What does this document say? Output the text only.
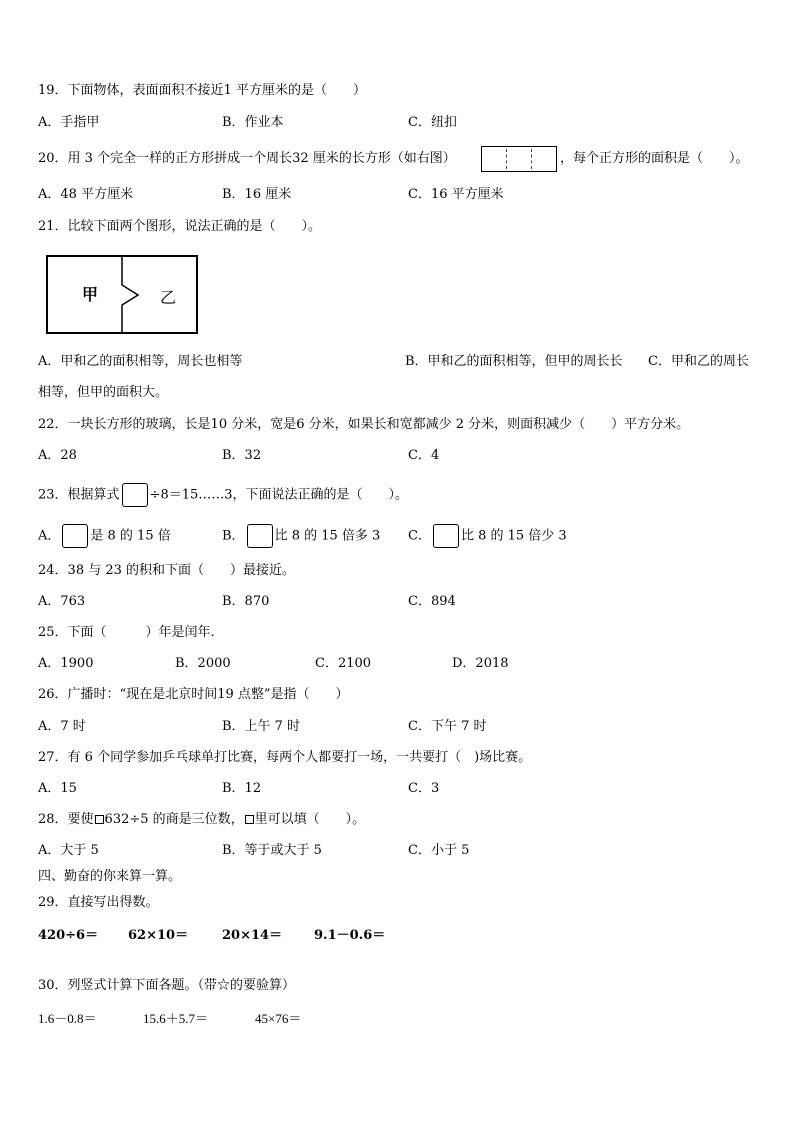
19．下面物体，表面面积不接近1 平方厘米的是（　　）
A．手指甲	B．作业本	C．纽扣
20．用 3 个完全一样的正方形拼成一个周长32 厘米的长方形（如右图）	，每个正方形的面积是（　　）。
A．48 平方厘米	B．16 厘米	C．16 平方厘米
21．比较下面两个图形，说法正确的是（　　）。
甲	乙
A．甲和乙的面积相等，周长也相等	B．甲和乙的面积相等，但甲的周长长 C．甲和乙的周长
相等，但甲的面积大。
22．一块长方形的玻璃，长是10 分米，宽是6 分米，如果长和宽都减少 2 分米，则面积减少（　　）平方分米。
A．28	B．32	C．4
23．根据算式 ÷8＝15……3，下面说法正确的是（　　）。
A． 是 8 的 15 倍	B． 比 8 的 15 倍多 3 C． 比 8 的 15 倍少 3
24．38 与 23 的积和下面（　　）最接近。
A．763	B．870	C．894
25．下面（　　　）年是闰年.
A．1900	B．2000	C．2100	D．2018
26．广播时：“现在是北京时间19 点整”是指（　　）
A．7 时	B．上午 7 时	C．下午 7 时
27．有 6 个同学参加乒乓球单打比赛，每两个人都要打一场，一共要打（　)场比赛。
A．15	B．12	C．3
28．要使 632÷5 的商是三位数， 里可以填（　　）。
A．大于 5	B．等于或大于 5	C．小于 5
四、勤奋的你来算一算。
29．直接写出得数。
420÷6＝ 62×10＝	20×14＝ 9.1－0.6＝
30．列竖式计算下面各题。（带☆的要验算）
1.6－0.8＝	15.6＋5.7＝	45×76＝
